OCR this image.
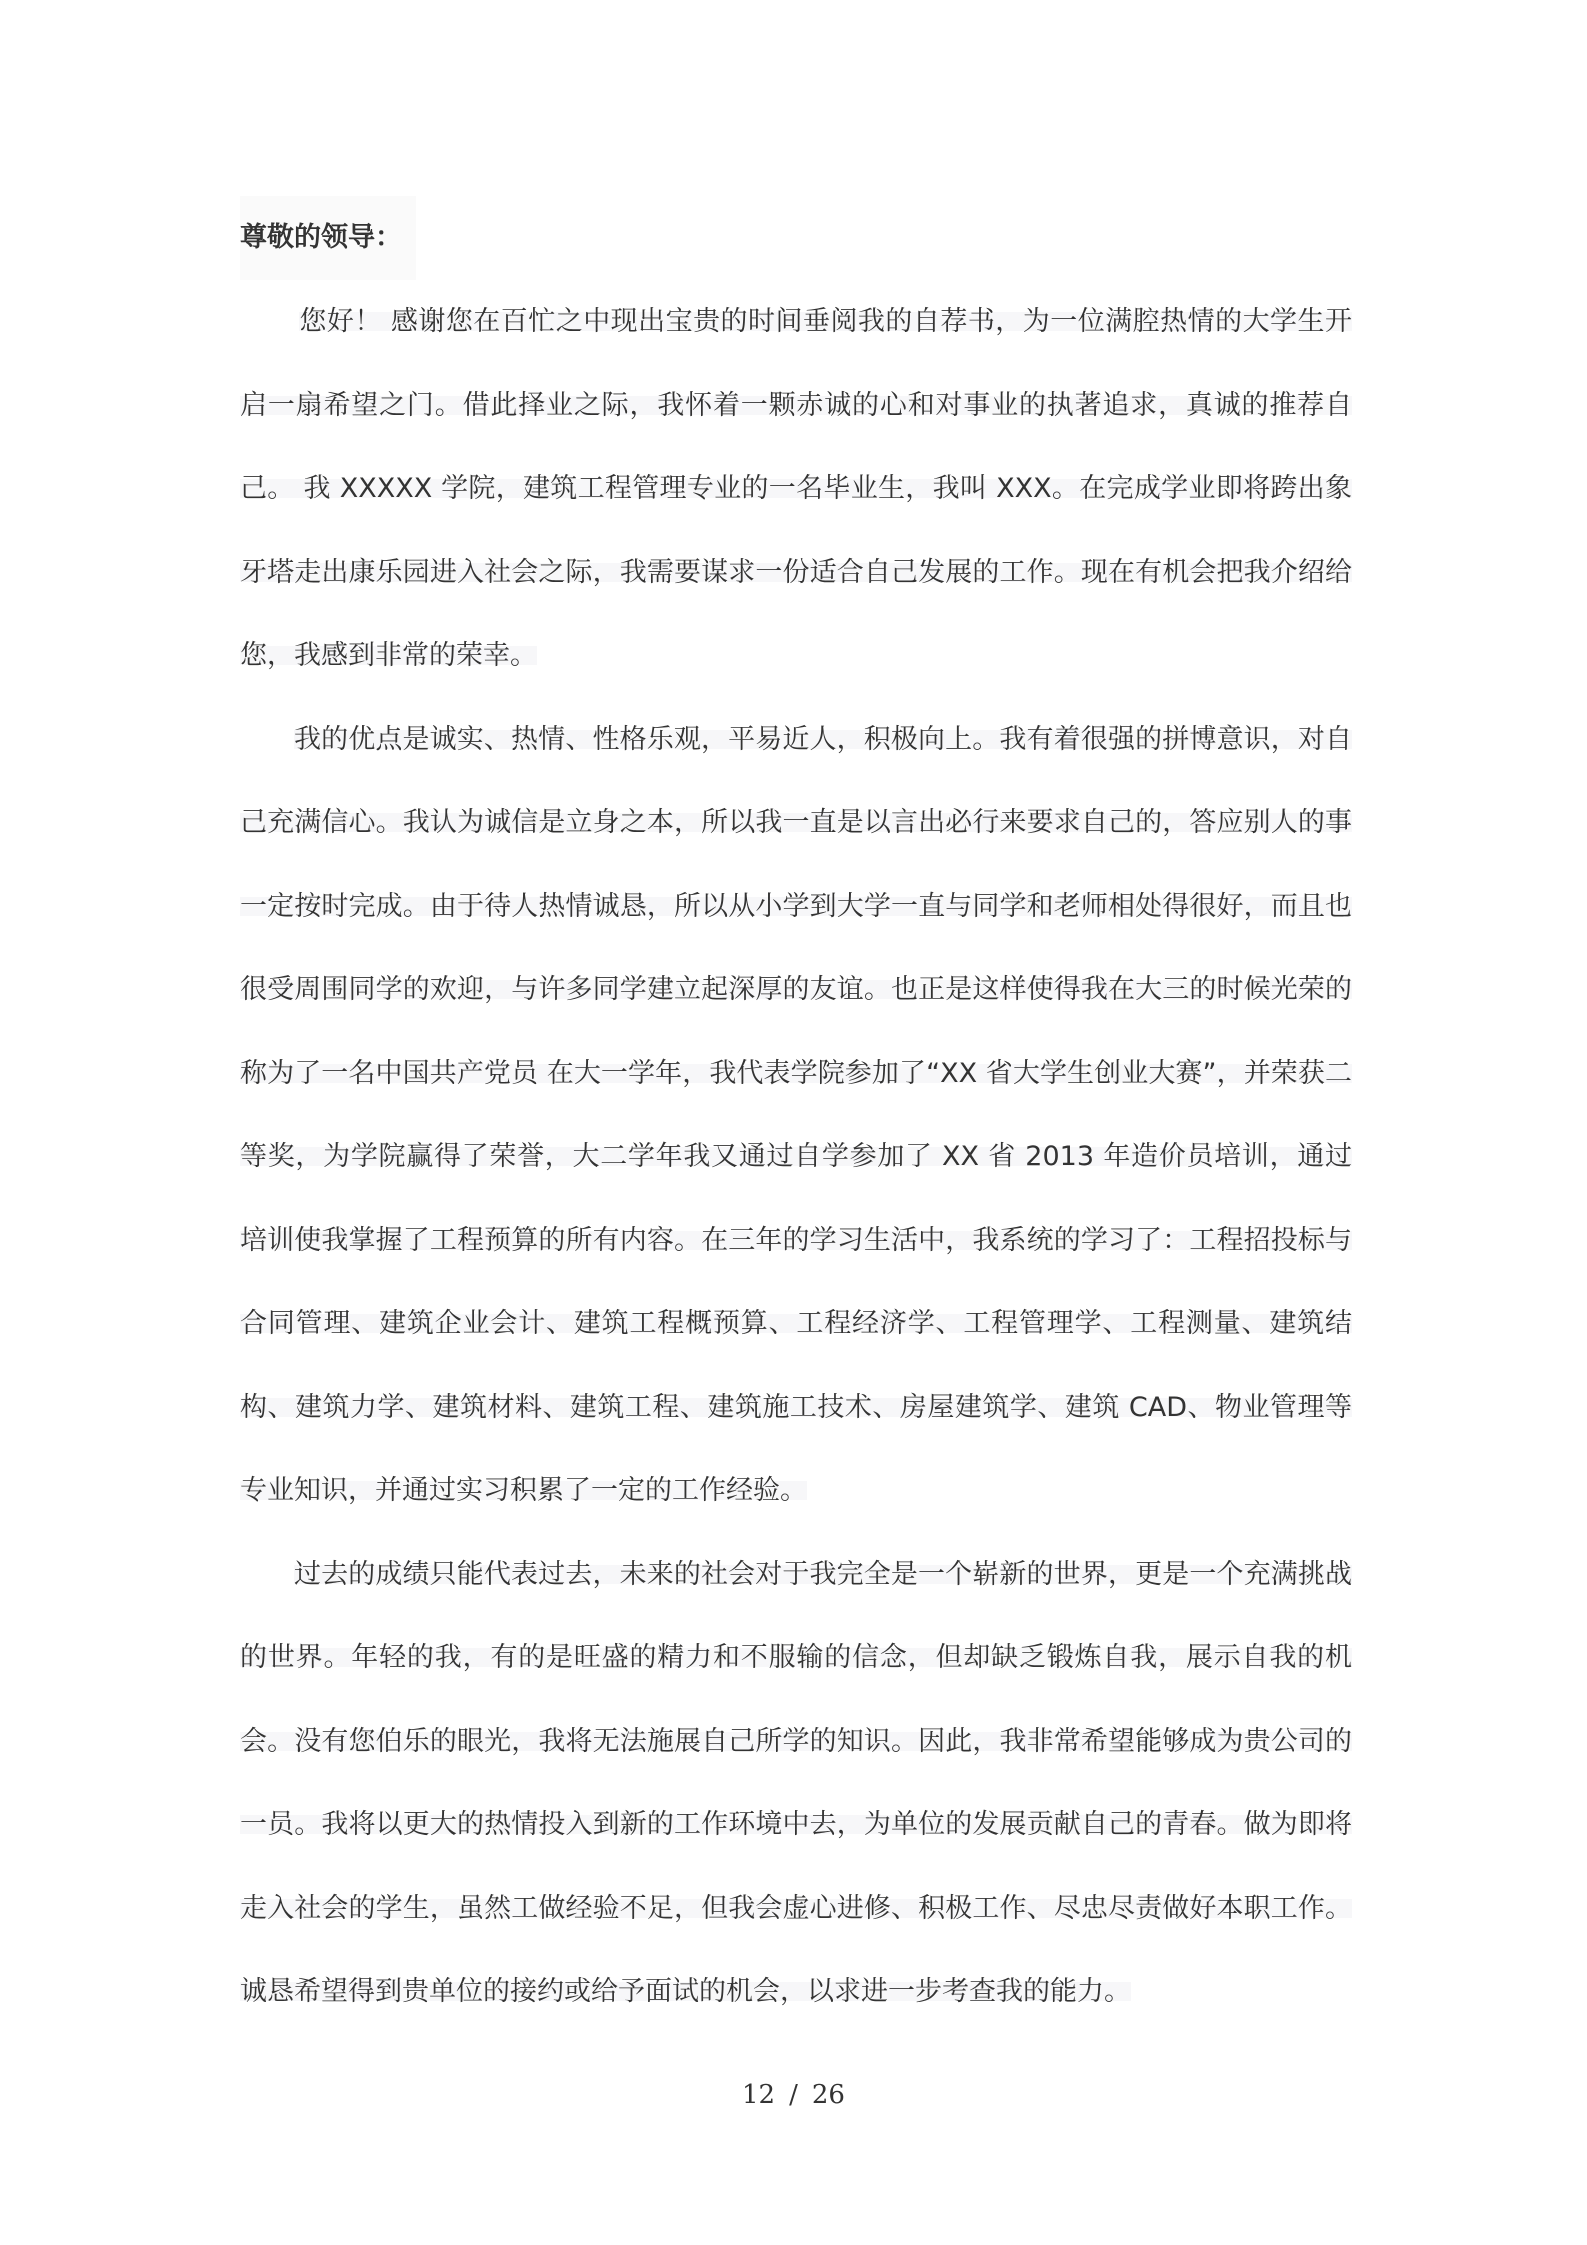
尊敬的领导：

您好！ 感谢您在百忙之中现出宝贵的时间垂阅我的自荐书，为一位满腔热情的大学生开启一扇希望之门。借此择业之际，我怀着一颗赤诚的心和对事业的执著追求，真诚的推荐自己。 我 XXXXX 学院，建筑工程管理专业的一名毕业生，我叫 XXX。在完成学业即将跨出象牙塔走出康乐园进入社会之际，我需要谋求一份适合自己发展的工作。现在有机会把我介绍给您，我感到非常的荣幸。

我的优点是诚实、热情、性格乐观，平易近人，积极向上。我有着很强的拼博意识，对自己充满信心。我认为诚信是立身之本，所以我一直是以言出必行来要求自己的，答应别人的事一定按时完成。由于待人热情诚恳，所以从小学到大学一直与同学和老师相处得很好，而且也很受周围同学的欢迎，与许多同学建立起深厚的友谊。也正是这样使得我在大三的时候光荣的称为了一名中国共产党员 在大一学年，我代表学院参加了“XX 省大学生创业大赛”，并荣获二等奖，为学院赢得了荣誉，大二学年我又通过自学参加了 XX 省 2013 年造价员培训，通过培训使我掌握了工程预算的所有内容。在三年的学习生活中，我系统的学习了：工程招投标与合同管理、建筑企业会计、建筑工程概预算、工程经济学、工程管理学、工程测量、建筑结构、建筑力学、建筑材料、建筑工程、建筑施工技术、房屋建筑学、建筑 CAD、物业管理等专业知识，并通过实习积累了一定的工作经验。

过去的成绩只能代表过去，未来的社会对于我完全是一个崭新的世界，更是一个充满挑战的世界。年轻的我，有的是旺盛的精力和不服输的信念，但却缺乏锻炼自我，展示自我的机会。没有您伯乐的眼光，我将无法施展自己所学的知识。因此，我非常希望能够成为贵公司的一员。我将以更大的热情投入到新的工作环境中去，为单位的发展贡献自己的青春。做为即将走入社会的学生，虽然工做经验不足，但我会虚心进修、积极工作、尽忠尽责做好本职工作。诚恳希望得到贵单位的接约或给予面试的机会，以求进一步考查我的能力。

12 / 26
